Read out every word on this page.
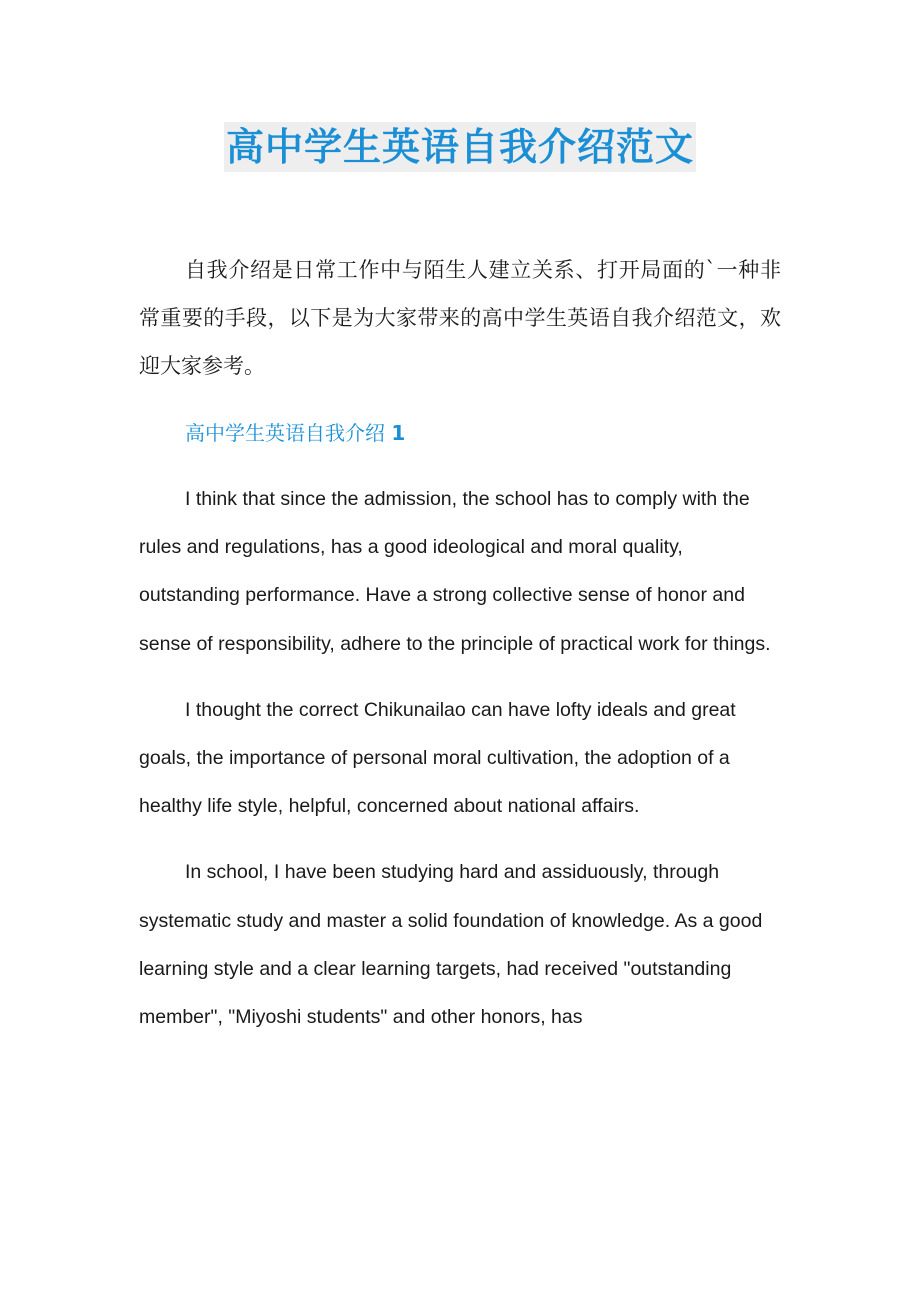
高中学生英语自我介绍范文

自我介绍是日常工作中与陌生人建立关系、打开局面的`一种非常重要的手段，以下是为大家带来的高中学生英语自我介绍范文，欢迎大家参考。

高中学生英语自我介绍 1

I think that since the admission, the school has to comply with the rules and regulations, has a good ideological and moral quality, outstanding performance. Have a strong collective sense of honor and sense of responsibility, adhere to the principle of practical work for things.

I thought the correct Chikunailao can have lofty ideals and great goals, the importance of personal moral cultivation, the adoption of a healthy life style, helpful, concerned about national affairs.

In school, I have been studying hard and assiduously, through systematic study and master a solid foundation of knowledge. As a good learning style and a clear learning targets, had received "outstanding member", "Miyoshi students" and other honors, has
